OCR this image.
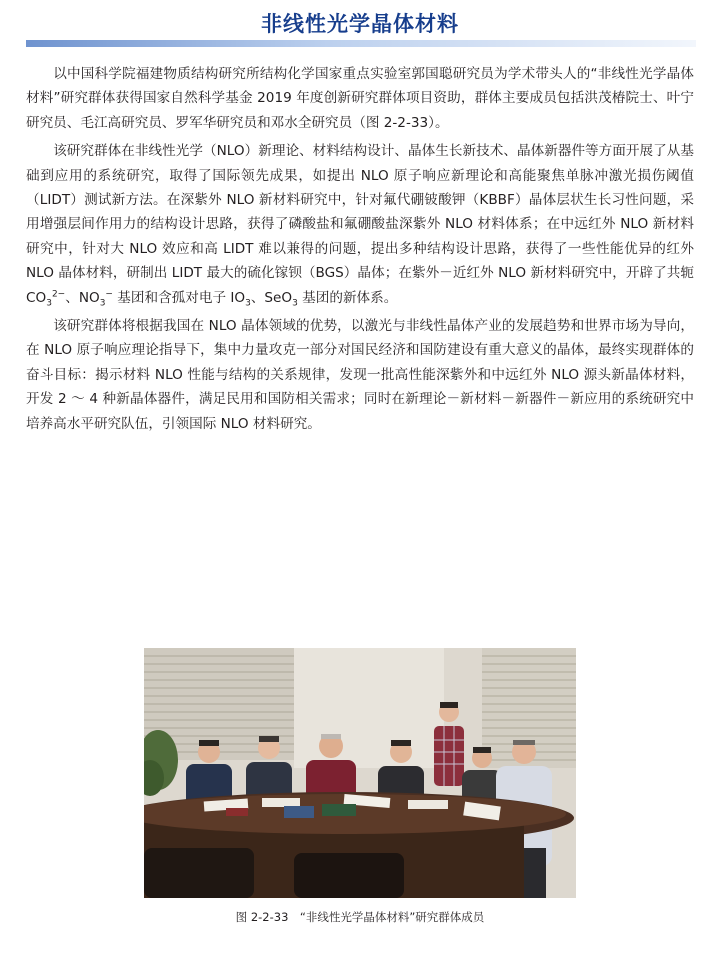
非线性光学晶体材料

以中国科学院福建物质结构研究所结构化学国家重点实验室郭国聪研究员为学术带头人的“非线性光学晶体材料”研究群体获得国家自然科学基金 2019 年度创新研究群体项目资助，群体主要成员包括洪茂椿院士、叶宁研究员、毛江高研究员、罗军华研究员和邓水全研究员（图 2-2-33）。

该研究群体在非线性光学（NLO）新理论、材料结构设计、晶体生长新技术、晶体新器件等方面开展了从基础到应用的系统研究，取得了国际领先成果，如提出 NLO 原子响应新理论和高能聚焦单脉冲激光损伤阈值（LIDT）测试新方法。在深紫外 NLO 新材料研究中，针对氟代硼铍酸钾（KBBF）晶体层状生长习性问题，采用增强层间作用力的结构设计思路，获得了磷酸盐和氟硼酸盐深紫外 NLO 材料体系；在中远红外 NLO 新材料研究中，针对大 NLO 效应和高 LIDT 难以兼得的问题，提出多种结构设计思路，获得了一些性能优异的红外 NLO 晶体材料，研制出 LIDT 最大的硫化镓钡（BGS）晶体；在紫外－近红外 NLO 新材料研究中，开辟了共轭 $CO_3^{2-}$、$NO_3^-$ 基团和含孤对电子 $IO_3$、SeO$_3$ 基团的新体系。

该研究群体将根据我国在 NLO 晶体领域的优势，以激光与非线性晶体产业的发展趋势和世界市场为导向，在 NLO 原子响应理论指导下，集中力量攻克一部分对国民经济和国防建设有重大意义的晶体，最终实现群体的奋斗目标：揭示材料 NLO 性能与结构的关系规律，发现一批高性能深紫外和中远红外 NLO 源头新晶体材料，开发 2 ～ 4 种新晶体器件，满足民用和国防相关需求；同时在新理论－新材料－新器件－新应用的系统研究中培养高水平研究队伍，引领国际 NLO 材料研究。

图 2-2-33　“非线性光学晶体材料”研究群体成员
